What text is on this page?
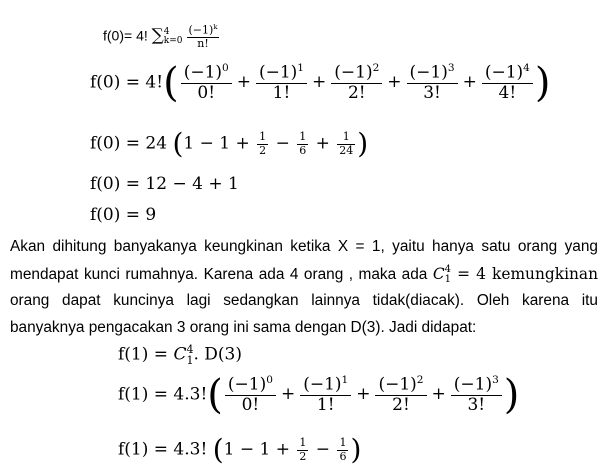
f(0)= 4! ∑ 4
$k=0 \frac{(-1)^k}{n!}$
$f(0) = 4!( \frac{(-1)^0}{0!} + \frac{(-1)^1}{1!} + \frac{(-1)^2}{2!} + \frac{(-1)^3}{3!} + \frac{(-1)^4}{4!}$ )
f(0) = 24 ($1 - 1 + \frac{1}{2} - \frac{1}{6} + \frac{1}{24}$ )
f(0) = 12 − 4 + 1
f(0) = 9
Akan dihitung banyakanya keungkinan ketika X = 1, yaitu hanya satu orang yang
mendapat kunci rumahnya. Karena ada 4 orang , maka ada C 4
1 = 4 kemungkinan
orang dapat kuncinya lagi sedangkan lainnya tidak(diacak). Oleh karena itu
banyaknya pengacakan 3 orang ini sama dengan D(3). Jadi didapat:
f(1) = C 4
1 . D(3)
$f(1) = 4.3!( \frac{(-1)^0}{0!} + \frac{(-1)^1}{1!} + \frac{(-1)^2}{2!} + \frac{(-1)^3}{3!}$ )
f(1) = 4.3! ($1 - 1 + \frac{1}{2} - \frac{1}{6}$ )
